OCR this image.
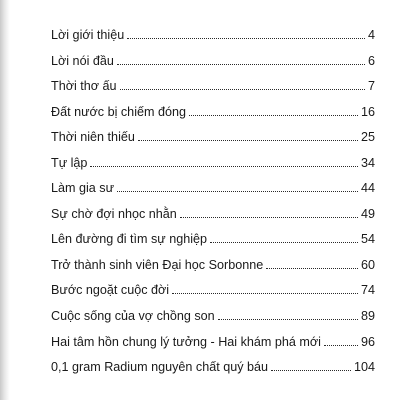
Lời giới thiệu	4
Lời nói đầu	6
Thời thơ ấu	7
Đất nước bị chiếm đóng	16
Thời niên thiếu	25
Tự lập	34
Làm gia sư	44
Sự chờ đợi nhọc nhằn	49
Lên đường đi tìm sự nghiệp	54
Trở thành sinh viên Đại học Sorbonne	60
Bước ngoặt cuộc đời	74
Cuộc sống của vợ chồng son	89
Hai tâm hồn chung lý tưởng - Hai khám phá mới	96
0,1 gram Radium nguyên chất quý báu	104
